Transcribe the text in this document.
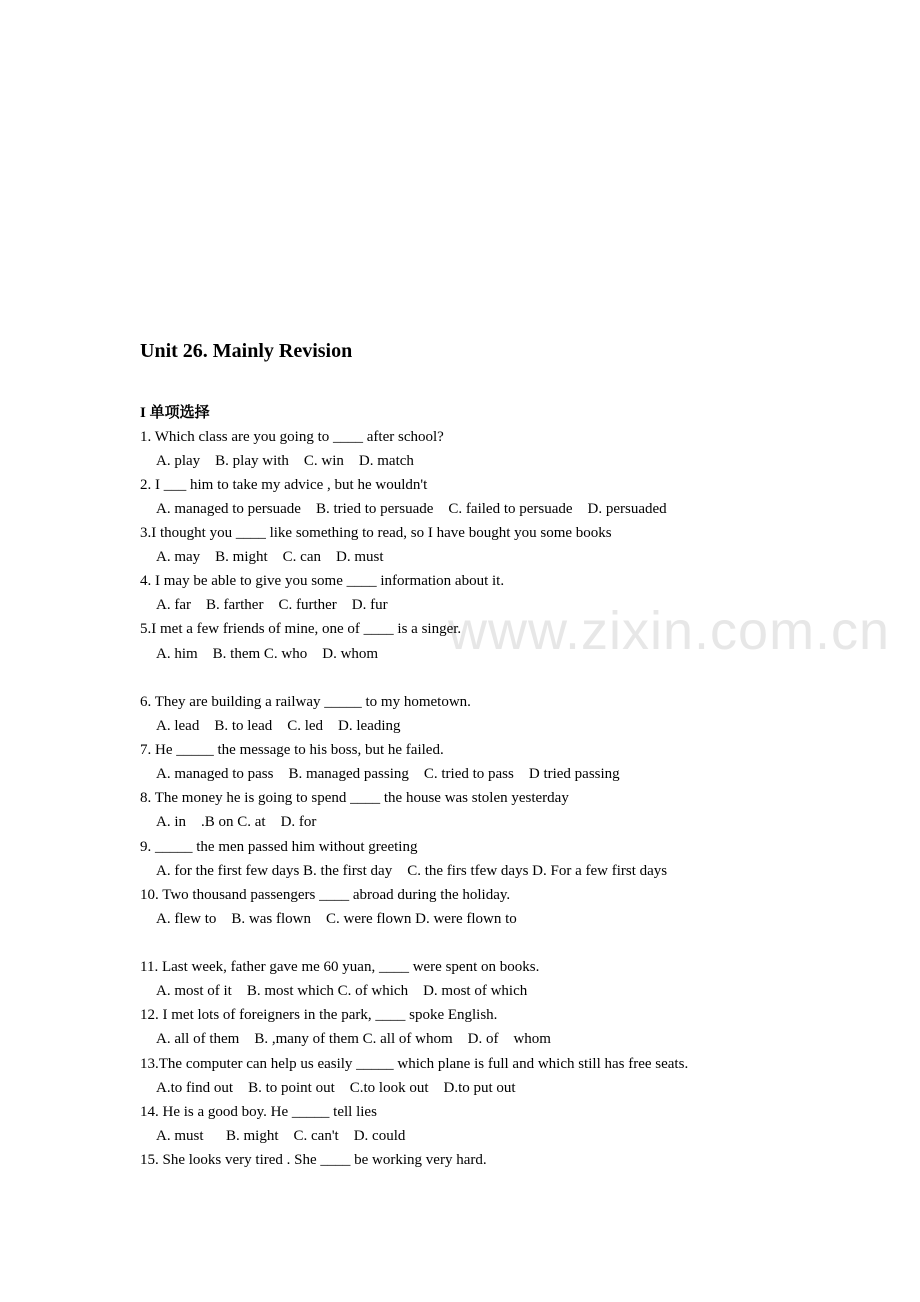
www.zixin.com.cn
Unit 26. Mainly Revision
I 单项选择
1. Which class are you going to ____ after school?
A. play    B. play with    C. win    D. match
2. I ___ him to take my advice , but he wouldn't
A. managed to persuade    B. tried to persuade    C. failed to persuade    D. persuaded
3.I thought you ____ like something to read, so I have bought you some books
A. may    B. might    C. can    D. must
4. I may be able to give you some ____ information about it.
A. far    B. farther    C. further    D. fur
5.I met a few friends of mine, one of ____ is a singer.
A. him    B. them C. who    D. whom
6. They are building a railway _____ to my hometown.
A. lead    B. to lead    C. led    D. leading
7. He _____ the message to his boss, but he failed.
A. managed to pass    B. managed passing    C. tried to pass    D tried passing
8. The money he is going to spend ____ the house was stolen yesterday
A. in    .B on C. at    D. for
9. _____ the men passed him without greeting
A. for the first few days B. the first day    C. the firs tfew days D. For a few first days
10. Two thousand passengers ____ abroad during the holiday.
A. flew to    B. was flown    C. were flown D. were flown to
11. Last week, father gave me 60 yuan, ____ were spent on books.
A. most of it    B. most which C. of which    D. most of which
12. I met lots of foreigners in the park, ____ spoke English.
A. all of them    B. ,many of them C. all of whom    D. of    whom
13.The computer can help us easily _____ which plane is full and which still has free seats.
A.to find out    B. to point out    C.to look out    D.to put out
14. He is a good boy. He _____ tell lies
A. must      B. might    C. can't    D. could
15. She looks very tired . She ____ be working very hard.
